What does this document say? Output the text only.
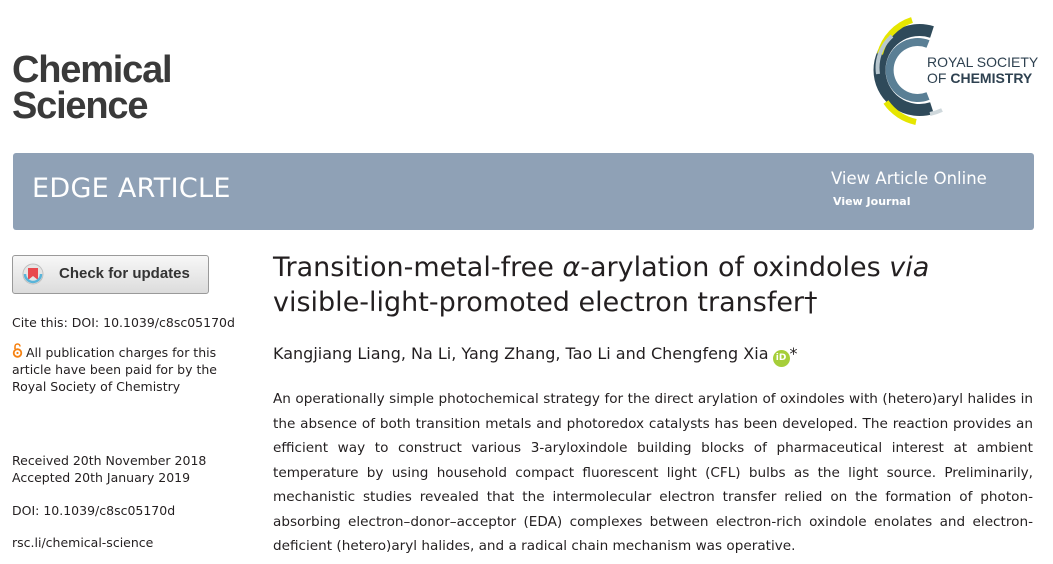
Chemical
Science
ROYAL SOCIETY
OF CHEMISTRY
EDGE ARTICLE	View Article Online
View Journal
Check for updates
Cite this: DOI: 10.1039/c8sc05170d
All publication charges for this article have been paid for by the Royal Society of Chemistry
Received 20th November 2018
Accepted 20th January 2019
DOI: 10.1039/c8sc05170d
rsc.li/chemical-science
Transition-metal-free α-arylation of oxindoles via visible-light-promoted electron transfer†
Kangjiang Liang, Na Li, Yang Zhang, Tao Li and Chengfeng Xia iD *

An operationally simple photochemical strategy for the direct arylation of oxindoles with (hetero)aryl halides in the absence of both transition metals and photoredox catalysts has been developed. The reaction provides an efficient way to construct various 3-aryloxindole building blocks of pharmaceutical interest at ambient temperature by using household compact fluorescent light (CFL) bulbs as the light source. Preliminarily, mechanistic studies revealed that the intermolecular electron transfer relied on the formation of photon-absorbing electron–donor–acceptor (EDA) complexes between electron-rich oxindole enolates and electron-deficient (hetero)aryl halides, and a radical chain mechanism was operative.
